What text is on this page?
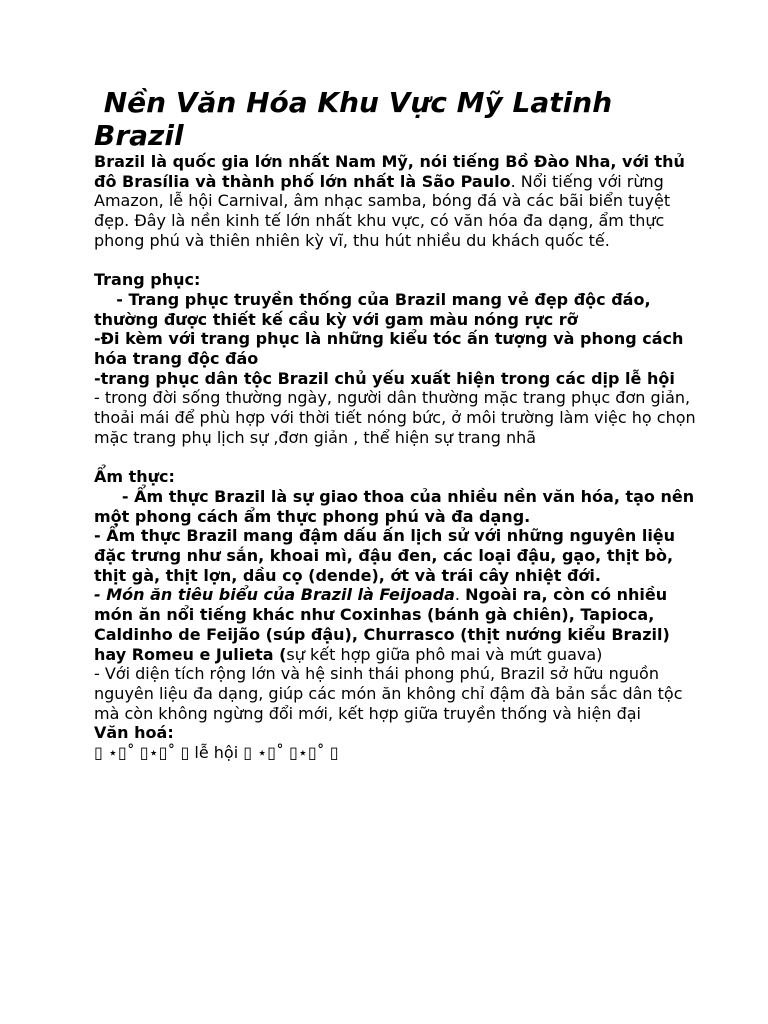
Nền Văn Hóa Khu Vực Mỹ Latinh
Brazil

Brazil là quốc gia lớn nhất Nam Mỹ, nói tiếng Bồ Đào Nha, với thủ đô Brasília và thành phố lớn nhất là São Paulo. Nổi tiếng với rừng Amazon, lễ hội Carnival, âm nhạc samba, bóng đá và các bãi biển tuyệt đẹp. Đây là nền kinh tế lớn nhất khu vực, có văn hóa đa dạng, ẩm thực phong phú và thiên nhiên kỳ vĩ, thu hút nhiều du khách quốc tế.

Trang phục:

- Trang phục truyền thống của Brazil mang vẻ đẹp độc đáo, thường được thiết kế cầu kỳ với gam màu nóng rực rỡ

-Đi kèm với trang phục là những kiểu tóc ấn tượng và phong cách hóa trang độc đáo

-trang phục dân tộc Brazil chủ yếu xuất hiện trong các dịp lễ hội

- trong đời sống thường ngày, người dân thường mặc trang phục đơn giản, thoải mái để phù hợp với thời tiết nóng bức, ở môi trường làm việc họ chọn mặc trang phụ lịch sự ,đơn giản , thể hiện sự trang nhã

Ẩm thực:

- Ẩm thực Brazil là sự giao thoa của nhiều nền văn hóa, tạo nên một phong cách ẩm thực phong phú và đa dạng.

- Ẩm thực Brazil mang đậm dấu ấn lịch sử với những nguyên liệu đặc trưng như sắn, khoai mì, đậu đen, các loại đậu, gạo, thịt bò, thịt gà, thịt lợn, dầu cọ (dende), ớt và trái cây nhiệt đới.

- Món ăn tiêu biểu của Brazil là Feijoada. Ngoài ra, còn có nhiều món ăn nổi tiếng khác như Coxinhas (bánh gà chiên), Tapioca, Caldinho de Feijão (súp đậu), Churrasco (thịt nướng kiểu Brazil) hay Romeu e Julieta (sự kết hợp giữa phô mai và mứt guava)

- Với diện tích rộng lớn và hệ sinh thái phong phú, Brazil sở hữu nguồn nguyên liệu đa dạng, giúp các món ăn không chỉ đậm đà bản sắc dân tộc mà còn không ngừng đổi mới, kết hợp giữa truyền thống và hiện đại

Văn hoá:

▯ ⋆▯˚ ▯⋆▯˚ ▯ lễ hội ▯ ⋆▯˚ ▯⋆▯˚ ▯
